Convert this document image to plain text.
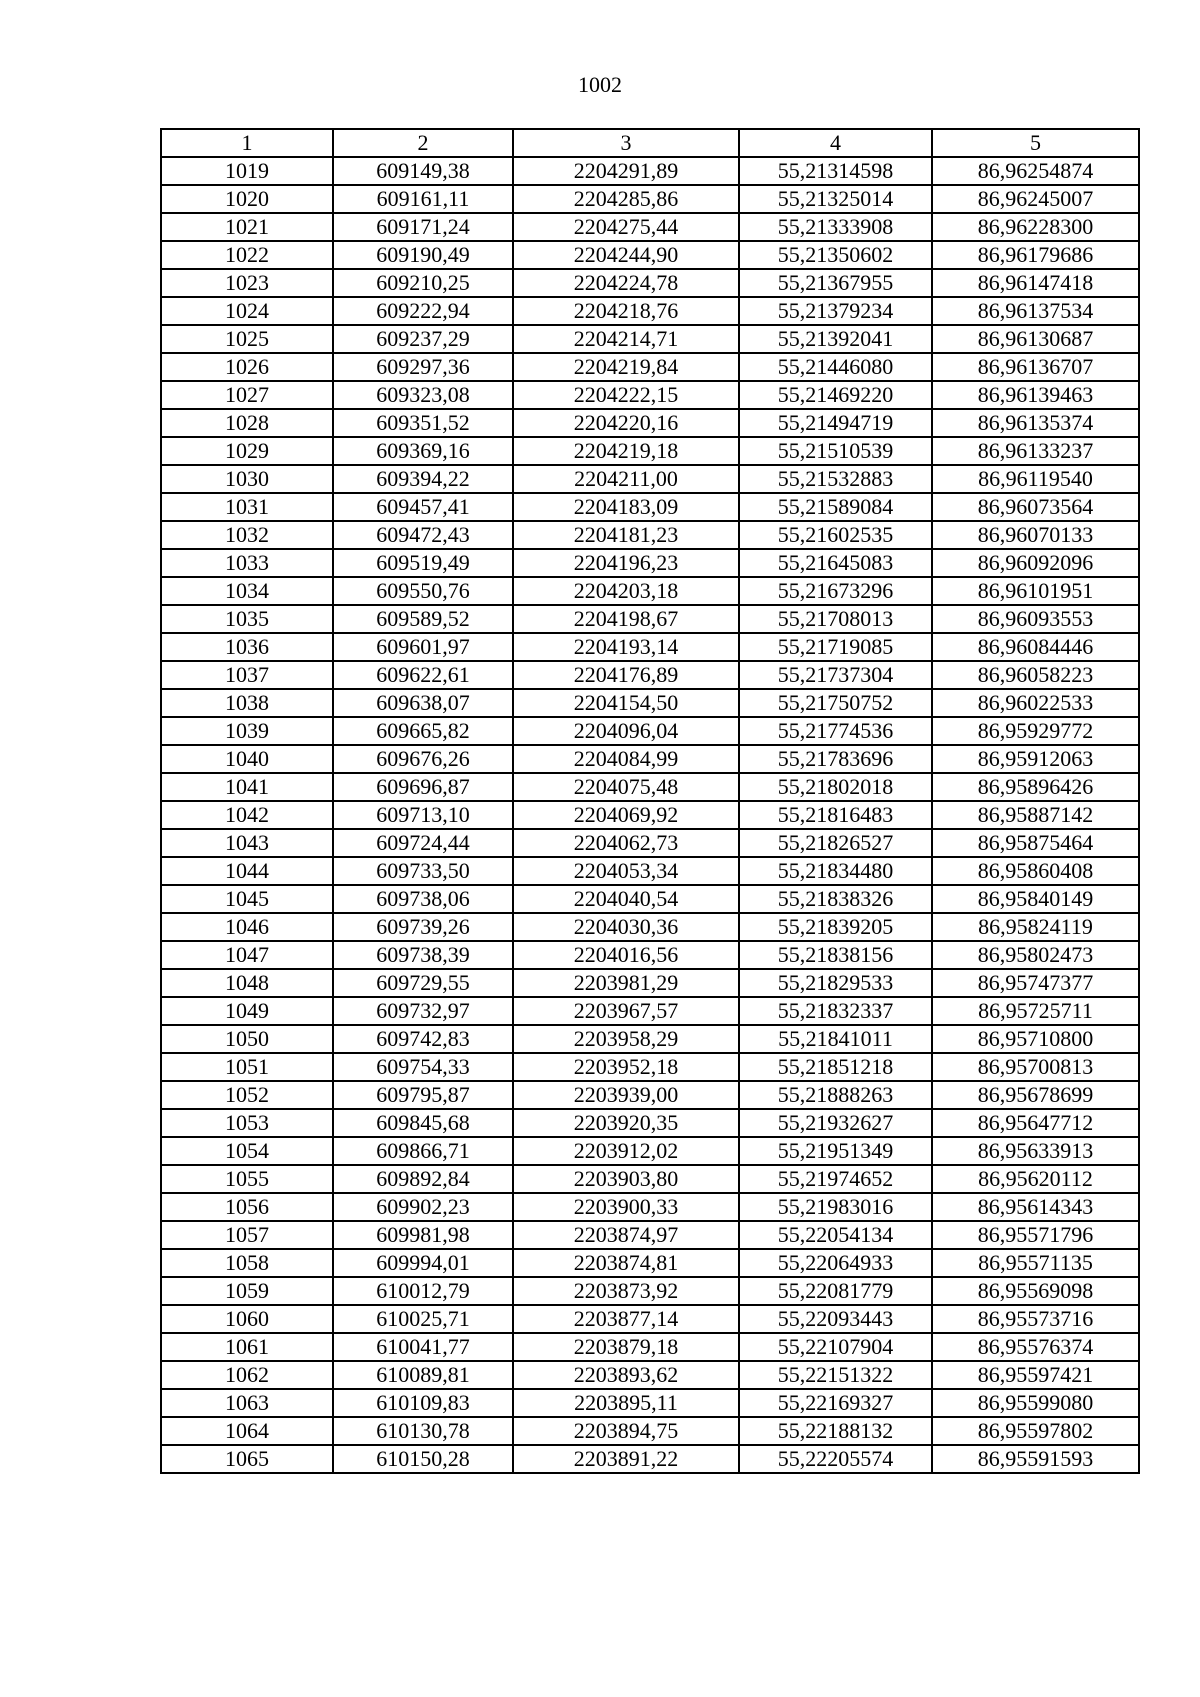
1002
1	2	3	4	5
1019	609149,38	2204291,89	55,21314598	86,96254874
1020	609161,11	2204285,86	55,21325014	86,96245007
1021	609171,24	2204275,44	55,21333908	86,96228300
1022	609190,49	2204244,90	55,21350602	86,96179686
1023	609210,25	2204224,78	55,21367955	86,96147418
1024	609222,94	2204218,76	55,21379234	86,96137534
1025	609237,29	2204214,71	55,21392041	86,96130687
1026	609297,36	2204219,84	55,21446080	86,96136707
1027	609323,08	2204222,15	55,21469220	86,96139463
1028	609351,52	2204220,16	55,21494719	86,96135374
1029	609369,16	2204219,18	55,21510539	86,96133237
1030	609394,22	2204211,00	55,21532883	86,96119540
1031	609457,41	2204183,09	55,21589084	86,96073564
1032	609472,43	2204181,23	55,21602535	86,96070133
1033	609519,49	2204196,23	55,21645083	86,96092096
1034	609550,76	2204203,18	55,21673296	86,96101951
1035	609589,52	2204198,67	55,21708013	86,96093553
1036	609601,97	2204193,14	55,21719085	86,96084446
1037	609622,61	2204176,89	55,21737304	86,96058223
1038	609638,07	2204154,50	55,21750752	86,96022533
1039	609665,82	2204096,04	55,21774536	86,95929772
1040	609676,26	2204084,99	55,21783696	86,95912063
1041	609696,87	2204075,48	55,21802018	86,95896426
1042	609713,10	2204069,92	55,21816483	86,95887142
1043	609724,44	2204062,73	55,21826527	86,95875464
1044	609733,50	2204053,34	55,21834480	86,95860408
1045	609738,06	2204040,54	55,21838326	86,95840149
1046	609739,26	2204030,36	55,21839205	86,95824119
1047	609738,39	2204016,56	55,21838156	86,95802473
1048	609729,55	2203981,29	55,21829533	86,95747377
1049	609732,97	2203967,57	55,21832337	86,95725711
1050	609742,83	2203958,29	55,21841011	86,95710800
1051	609754,33	2203952,18	55,21851218	86,95700813
1052	609795,87	2203939,00	55,21888263	86,95678699
1053	609845,68	2203920,35	55,21932627	86,95647712
1054	609866,71	2203912,02	55,21951349	86,95633913
1055	609892,84	2203903,80	55,21974652	86,95620112
1056	609902,23	2203900,33	55,21983016	86,95614343
1057	609981,98	2203874,97	55,22054134	86,95571796
1058	609994,01	2203874,81	55,22064933	86,95571135
1059	610012,79	2203873,92	55,22081779	86,95569098
1060	610025,71	2203877,14	55,22093443	86,95573716
1061	610041,77	2203879,18	55,22107904	86,95576374
1062	610089,81	2203893,62	55,22151322	86,95597421
1063	610109,83	2203895,11	55,22169327	86,95599080
1064	610130,78	2203894,75	55,22188132	86,95597802
1065	610150,28	2203891,22	55,22205574	86,95591593
